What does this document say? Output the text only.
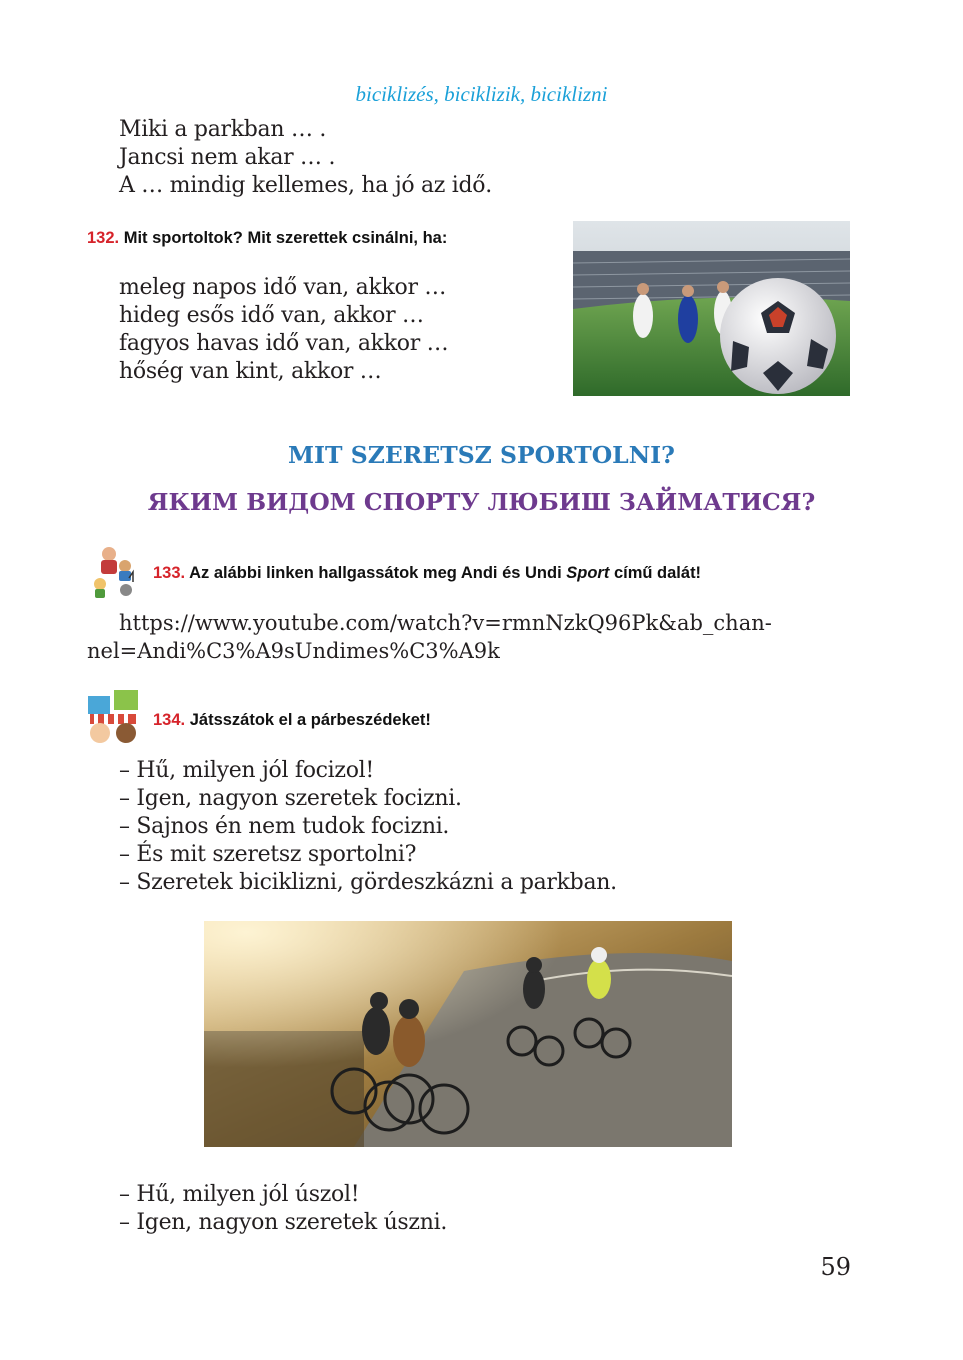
biciklizés, biciklizik, biciklizni
Miki a parkban … .
Jancsi nem akar … .
A … mindig kellemes, ha jó az idő.
132. Mit sportoltok? Mit szerettek csinálni, ha:
meleg napos idő van, akkor …
hideg esős idő van, akkor …
fagyos havas idő van, akkor …
hőség van kint, akkor …
MIT SZERETSZ SPORTOLNI?
ЯКИМ ВИДОМ СПОРТУ ЛЮБИШ ЗАЙМАТИСЯ?
133. Az alábbi linken hallgassátok meg Andi és Undi Sport című dalát!
https://www.youtube.com/watch?v=rmnNzkQ96Pk&ab_chan-
nel=Andi%C3%A9sUndimes%C3%A9k
134. Játsszátok el a párbeszédeket!
– Hű, milyen jól focizol!
– Igen, nagyon szeretek focizni.
– Sajnos én nem tudok focizni.
– És mit szeretsz sportolni?
– Szeretek biciklizni, gördeszkázni a parkban.
– Hű, milyen jól úszol!
– Igen, nagyon szeretek úszni.
59
